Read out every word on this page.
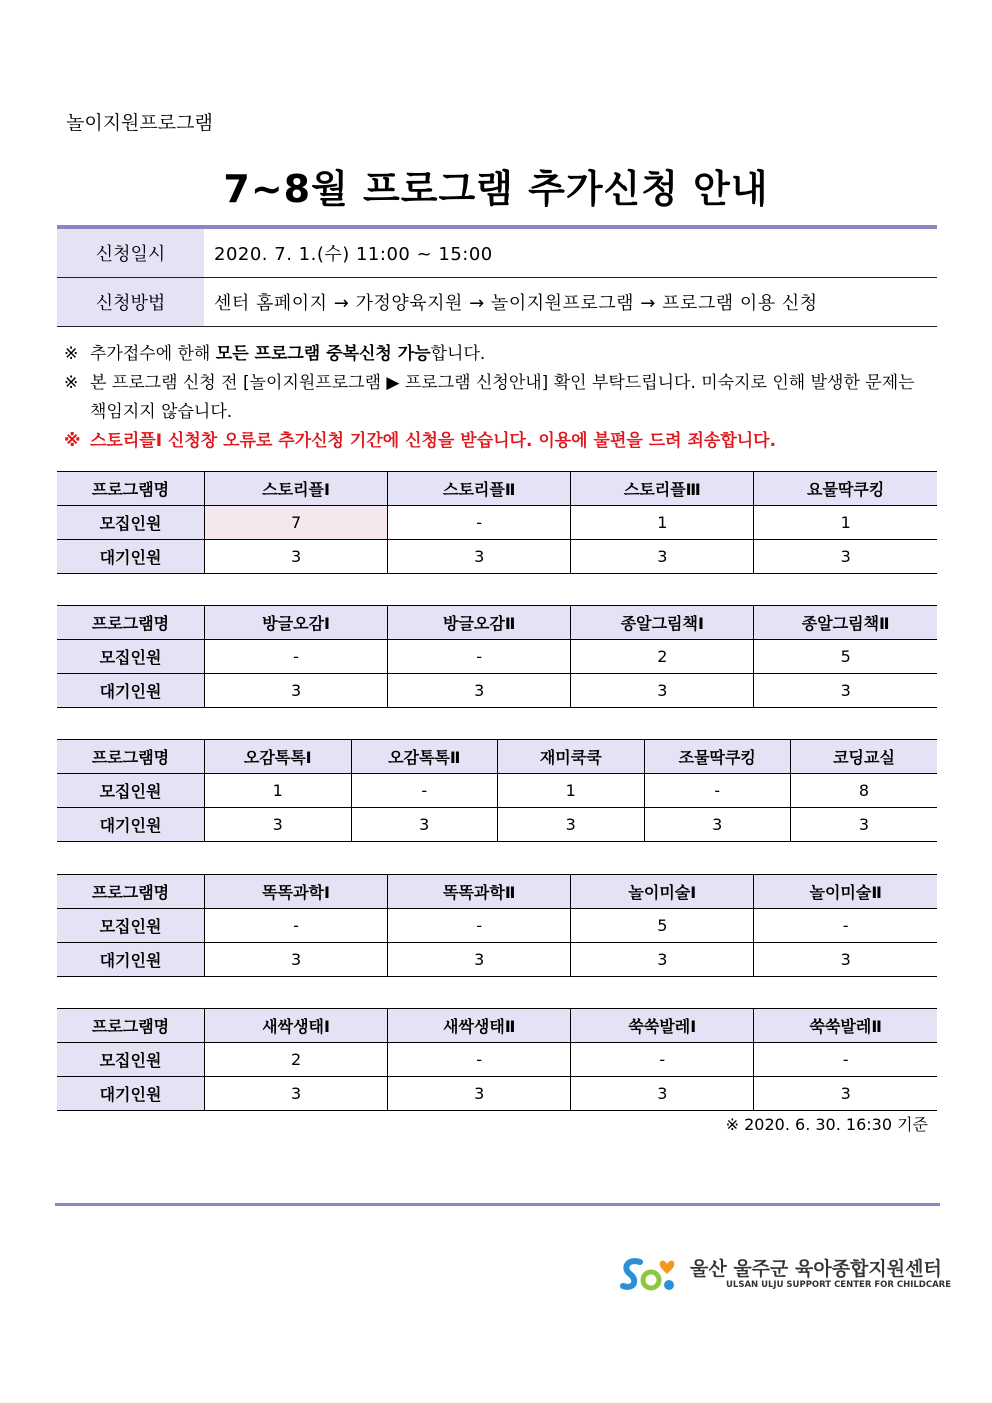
놀이지원프로그램
7~8월 프로그램 추가신청 안내
신청일시	2020. 7. 1.(수) 11:00 ~ 15:00
신청방법	센터 홈페이지 → 가정양육지원 → 놀이지원프로그램 → 프로그램 이용 신청
※ 추가접수에 한해 모든 프로그램 중복신청 가능합니다.
※ 본 프로그램 신청 전 [놀이지원프로그램 ▶ 프로그램 신청안내] 확인 부탁드립니다. 미숙지로 인해 발생한 문제는 책임지지 않습니다.
※ 스토리플Ⅰ 신청창 오류로 추가신청 기간에 신청을 받습니다. 이용에 불편을 드려 죄송합니다.
프로그램명	스토리플Ⅰ	스토리플Ⅱ	스토리플Ⅲ	요물딱쿠킹
모집인원	7	-	1	1
대기인원	3	3	3	3
프로그램명	방글오감Ⅰ	방글오감Ⅱ	종알그림책Ⅰ	종알그림책Ⅱ
모집인원	-	-	2	5
대기인원	3	3	3	3
프로그램명	오감톡톡Ⅰ	오감톡톡Ⅱ	재미쿡쿡	조물딱쿠킹	코딩교실
모집인원	1	-	1	-	8
대기인원	3	3	3	3	3
프로그램명	똑똑과학Ⅰ	똑똑과학Ⅱ	놀이미술Ⅰ	놀이미술Ⅱ
모집인원	-	-	5	-
대기인원	3	3	3	3
프로그램명	새싹생태Ⅰ	새싹생태Ⅱ	쑥쑥발레Ⅰ	쑥쑥발레Ⅱ
모집인원	2	-	-	-
대기인원	3	3	3	3
※ 2020. 6. 30. 16:30 기준
울산 울주군 육아종합지원센터
ULSAN ULJU SUPPORT CENTER FOR CHILDCARE
